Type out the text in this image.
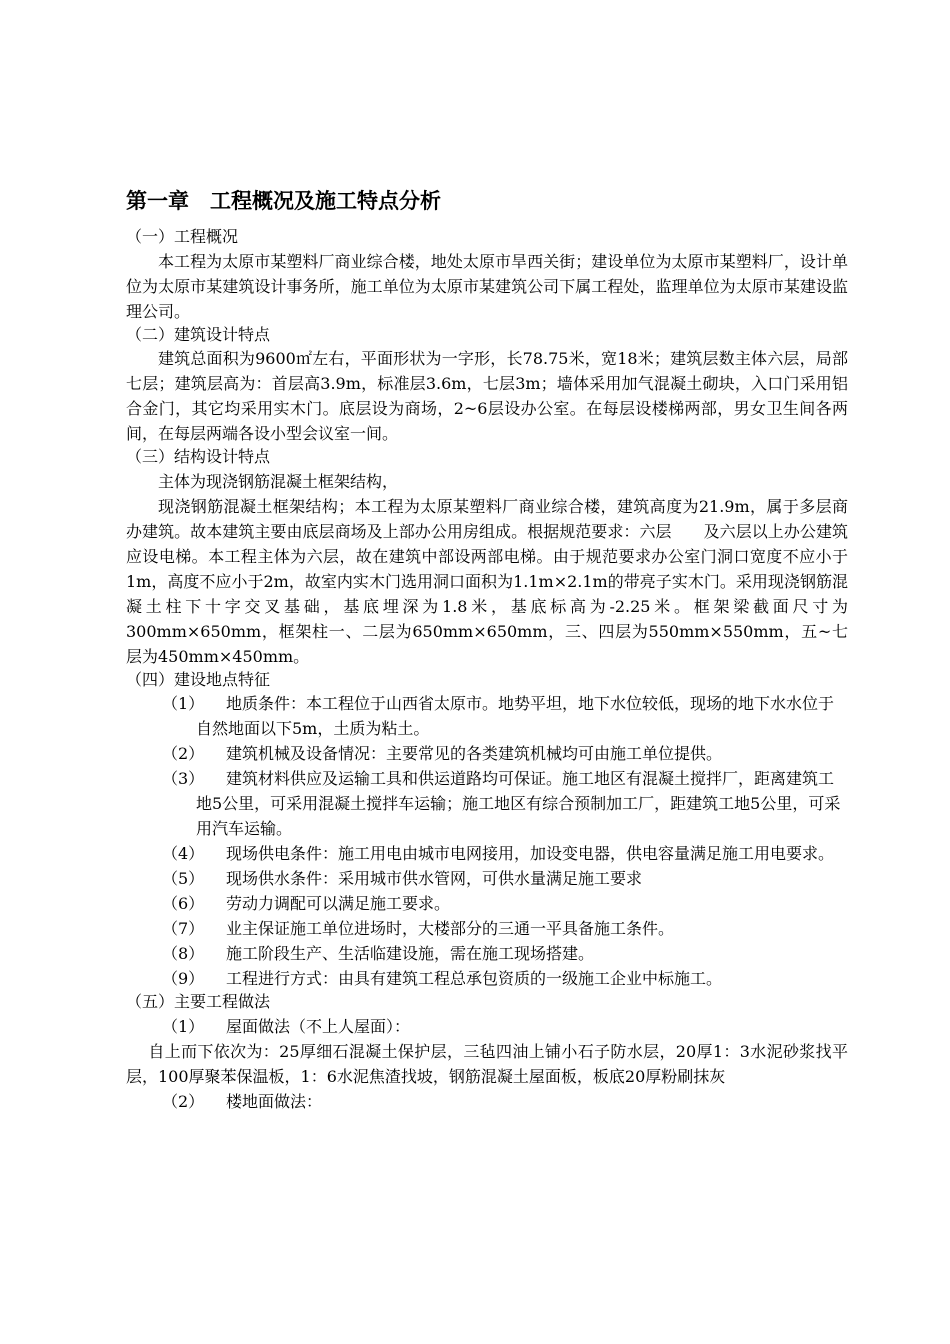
第一章　工程概况及施工特点分析

（一）工程概况

本工程为太原市某塑料厂商业综合楼，地处太原市旱西关街；建设单位为太原市某塑料厂，设计单位为太原市某建筑设计事务所，施工单位为太原市某建筑公司下属工程处，监理单位为太原市某建设监理公司。

（二）建筑设计特点

建筑总面积为9600㎡左右，平面形状为一字形，长78.75米，宽18米；建筑层数主体六层，局部七层；建筑层高为：首层高3.9m，标准层3.6m，七层3m；墙体采用加气混凝土砌块，入口门采用铝合金门，其它均采用实木门。底层设为商场，2~6层设办公室。在每层设楼梯两部，男女卫生间各两间，在每层两端各设小型会议室一间。

（三）结构设计特点

主体为现浇钢筋混凝土框架结构，

现浇钢筋混凝土框架结构；本工程为太原某塑料厂商业综合楼，建筑高度为21.9m，属于多层商办建筑。故本建筑主要由底层商场及上部办公用房组成。根据规范要求：六层　　及六层以上办公建筑应设电梯。本工程主体为六层，故在建筑中部设两部电梯。由于规范要求办公室门洞口宽度不应小于1m，高度不应小于2m，故室内实木门选用洞口面积为1.1m×2.1m的带亮子实木门。采用现浇钢筋混凝土柱下十字交叉基础，基底埋深为1.8米，基底标高为-2.25米。框架梁截面尺寸为300mm×650mm，框架柱一、二层为650mm×650mm，三、四层为550mm×550mm，五~七层为450mm×450mm。

（四）建设地点特征

（1） 地质条件：本工程位于山西省太原市。地势平坦，地下水位较低，现场的地下水水位于自然地面以下5m，土质为粘土。

（2） 建筑机械及设备情况：主要常见的各类建筑机械均可由施工单位提供。

（3） 建筑材料供应及运输工具和供运道路均可保证。施工地区有混凝土搅拌厂，距离建筑工地5公里，可采用混凝土搅拌车运输；施工地区有综合预制加工厂，距建筑工地5公里，可采用汽车运输。

（4） 现场供电条件：施工用电由城市电网接用，加设变电器，供电容量满足施工用电要求。

（5） 现场供水条件：采用城市供水管网，可供水量满足施工要求

（6） 劳动力调配可以满足施工要求。

（7） 业主保证施工单位进场时，大楼部分的三通一平具备施工条件。

（8） 施工阶段生产、生活临建设施，需在施工现场搭建。

（9） 工程进行方式：由具有建筑工程总承包资质的一级施工企业中标施工。

（五）主要工程做法

（1） 屋面做法（不上人屋面）：

自上而下依次为：25厚细石混凝土保护层，三毡四油上铺小石子防水层，20厚1：3水泥砂浆找平层，100厚聚苯保温板，1：6水泥焦渣找坡，钢筋混凝土屋面板，板底20厚粉刷抹灰

（2） 楼地面做法：
